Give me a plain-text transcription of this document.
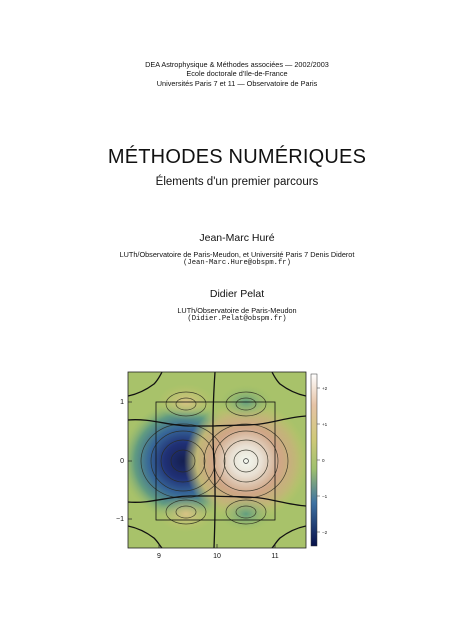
DEA Astrophysique & Méthodes associées — 2002/2003
Ecole doctorale d'Ile-de-France
Universités Paris 7 et 11 — Observatoire de Paris
MÉTHODES NUMÉRIQUES
Élements d'un premier parcours
Jean-Marc Huré
LUTh/Observatoire de Paris-Meudon, et Université Paris 7 Denis Diderot
(Jean-Marc.Hure@obspm.fr)
Didier Pelat
LUTh/Observatoire de Paris-Meudon
(Didier.Pelat@obspm.fr)
9	10	11
1
0
−1
+2
+1
0
−1
−2
